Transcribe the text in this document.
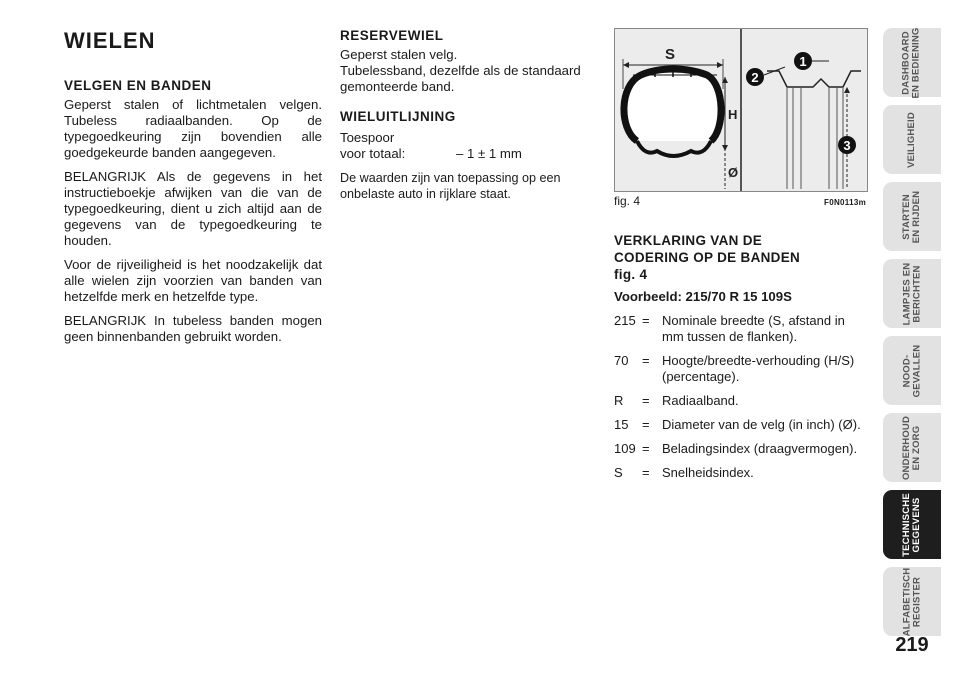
WIELEN
VELGEN EN BANDEN

Geperst stalen of lichtmetalen velgen. Tubeless radiaalbanden. Op de typegoedkeuring zijn bovendien alle goedgekeurde banden aangegeven.

BELANGRIJK Als de gegevens in het instructieboekje afwijken van die van de typegoedkeuring, dient u zich altijd aan de gegevens van de typegoedkeuring te houden.

Voor de rijveiligheid is het noodzakelijk dat alle wielen zijn voorzien van banden van hetzelfde merk en hetzelfde type.

BELANGRIJK In tubeless banden mogen geen binnenbanden gebruikt worden.

RESERVEWIEL

Geperst stalen velg.

Tubelessband, dezelfde als de standaard gemonteerde band.

WIELUITLIJNING
Toespoor
voor totaal:	– 1 ± 1 mm

De waarden zijn van toepassing op een onbelaste auto in rijklare staat.

S
H
Ø
1
2
3
fig. 4	F0N0113m
VERKLARING VAN DE
CODERING OP DE BANDEN
fig. 4

Voorbeeld: 215/70 R 15 109S

215 = Nominale breedte (S, afstand in mm tussen de flanken).
70	= Hoogte/breedte-verhouding (H/S) (percentage).
R	= Radiaalband.
15	= Diameter van de velg (in inch) (Ø).
109 = Beladingsindex (draagvermogen).
S	= Snelheidsindex.
DASHBOARD EN BEDIENING
VEILIGHEID
STARTEN EN RIJDEN
LAMPJES EN BERICHTEN
NOOD- GEVALLEN
ONDERHOUD EN ZORG
TECHNISCHE GEGEVENS
ALFABETISCH REGISTER
219
